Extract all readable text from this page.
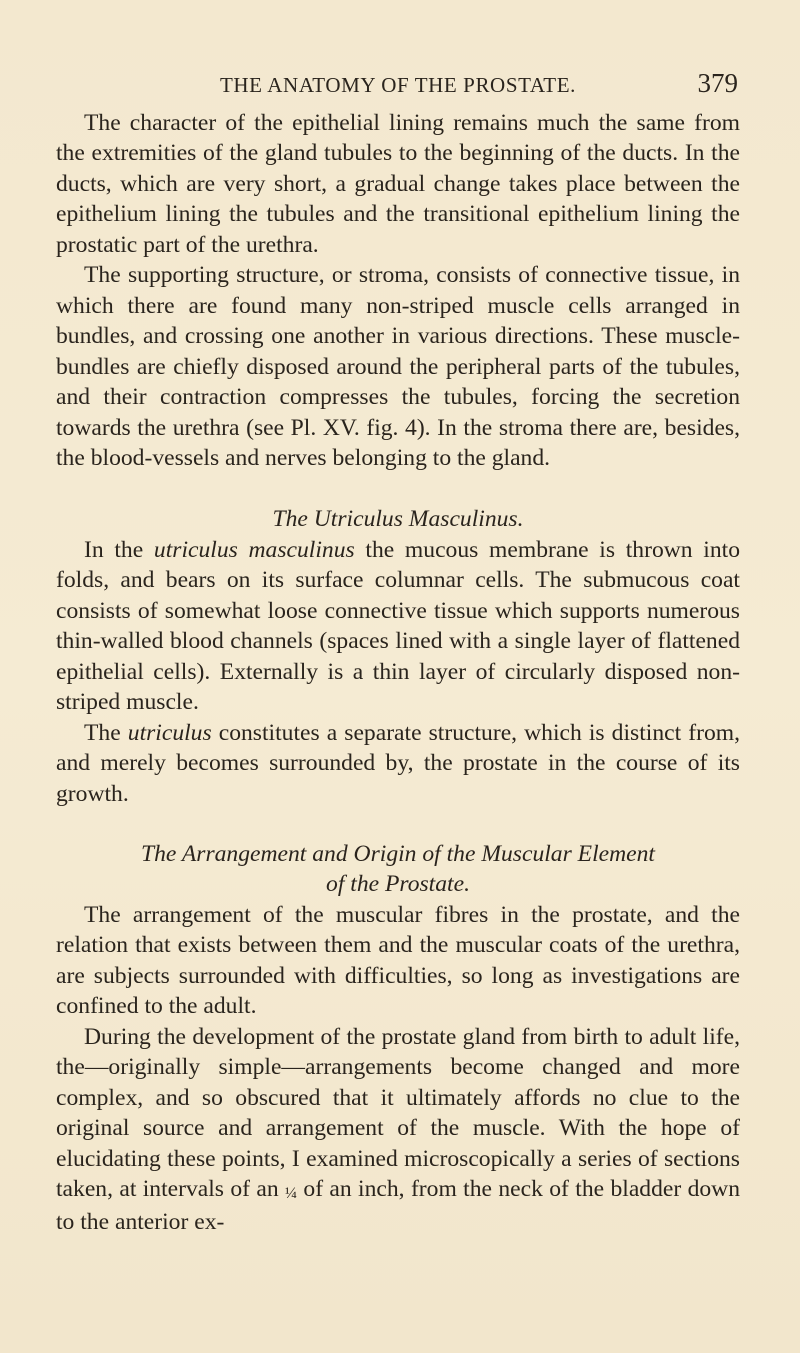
THE ANATOMY OF THE PROSTATE.	379

The character of the epithelial lining remains much the same from the extremities of the gland tubules to the beginning of the ducts. In the ducts, which are very short, a gradual change takes place between the epithelium lining the tubules and the transitional epithelium lining the prostatic part of the urethra.

The supporting structure, or stroma, consists of connective tissue, in which there are found many non-striped muscle cells arranged in bundles, and crossing one another in various directions. These muscle-bundles are chiefly disposed around the peripheral parts of the tubules, and their contraction compresses the tubules, forcing the secretion towards the urethra (see Pl. XV. fig. 4). In the stroma there are, besides, the blood-vessels and nerves belonging to the gland.

The Utriculus Masculinus.

In the utriculus masculinus the mucous membrane is thrown into folds, and bears on its surface columnar cells. The submucous coat consists of somewhat loose connective tissue which supports numerous thin-walled blood channels (spaces lined with a single layer of flattened epithelial cells). Externally is a thin layer of circularly disposed non-striped muscle.

The utriculus constitutes a separate structure, which is distinct from, and merely becomes surrounded by, the prostate in the course of its growth.

The Arrangement and Origin of the Muscular Element
of the Prostate.

The arrangement of the muscular fibres in the prostate, and the relation that exists between them and the muscular coats of the urethra, are subjects surrounded with difficulties, so long as investigations are confined to the adult.

During the development of the prostate gland from birth to adult life, the—originally simple—arrangements become changed and more complex, and so obscured that it ultimately affords no clue to the original source and arrangement of the muscle. With the hope of elucidating these points, I examined microscopically a series of sections taken, at intervals of an ¼ of an inch, from the neck of the bladder down to the anterior ex-
